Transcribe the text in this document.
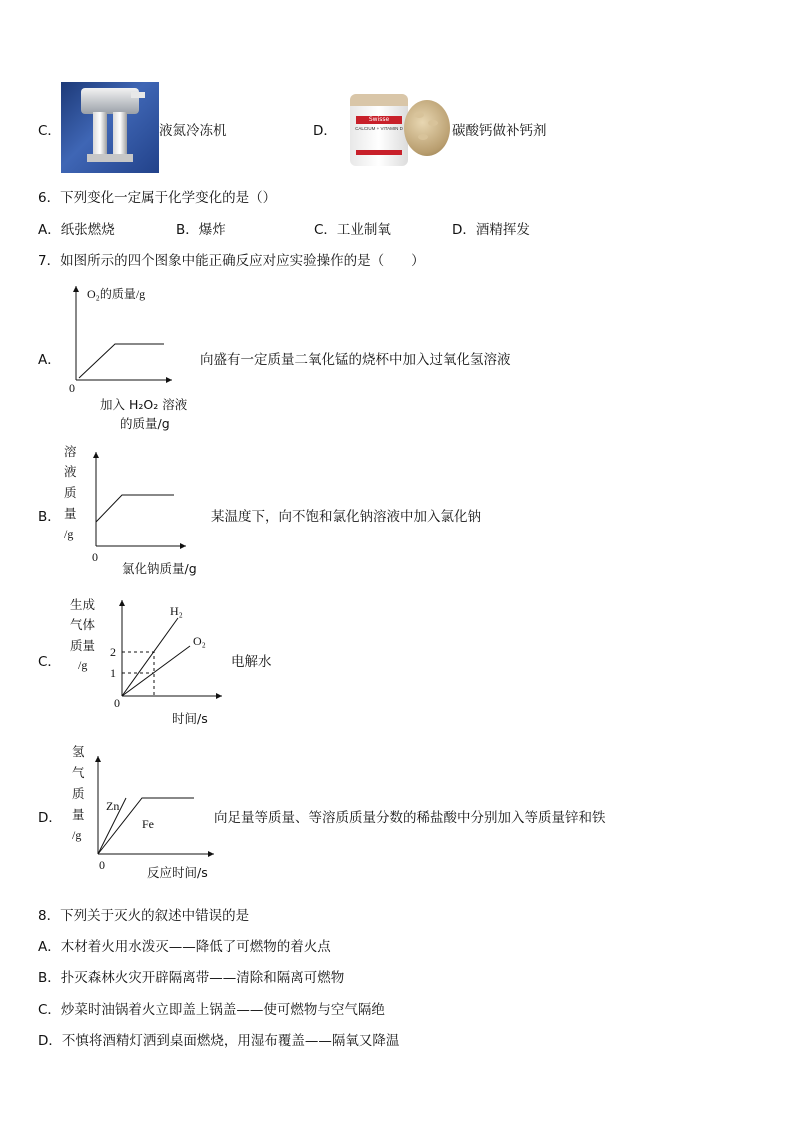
C．	液氮冷冻机	D．
Swisse
CALCIUM + VITAMIN D	碳酸钙做补钙剂
6．下列变化一定属于化学变化的是（）
A．纸张燃烧	B．爆炸	C．工业制氧	D．酒精挥发
7．如图所示的四个图象中能正确反应对应实验操作的是（　　）
A．
O₂的质量/g
0
加入 H₂O₂ 溶液
的质量/g
向盛有一定质量二氧化锰的烧杯中加入过氧化氢溶液
B．
溶
液
质
量
/g
0
氯化钠质量/g
某温度下，向不饱和氯化钠溶液中加入氯化钠
C．
生成
气体
质量
/g
2
1
0
H₂
O₂
时间/s
电解水
D．
氢
气
质
量
/g
Zn
Fe
0	反应时间/s
向足量等质量、等溶质质量分数的稀盐酸中分别加入等质量锌和铁
8．下列关于灭火的叙述中错误的是
A．木材着火用水泼灭——降低了可燃物的着火点
B．扑灭森林火灾开辟隔离带——清除和隔离可燃物
C．炒菜时油锅着火立即盖上锅盖——使可燃物与空气隔绝
D．不慎将酒精灯洒到桌面燃烧，用湿布覆盖——隔氧又降温
